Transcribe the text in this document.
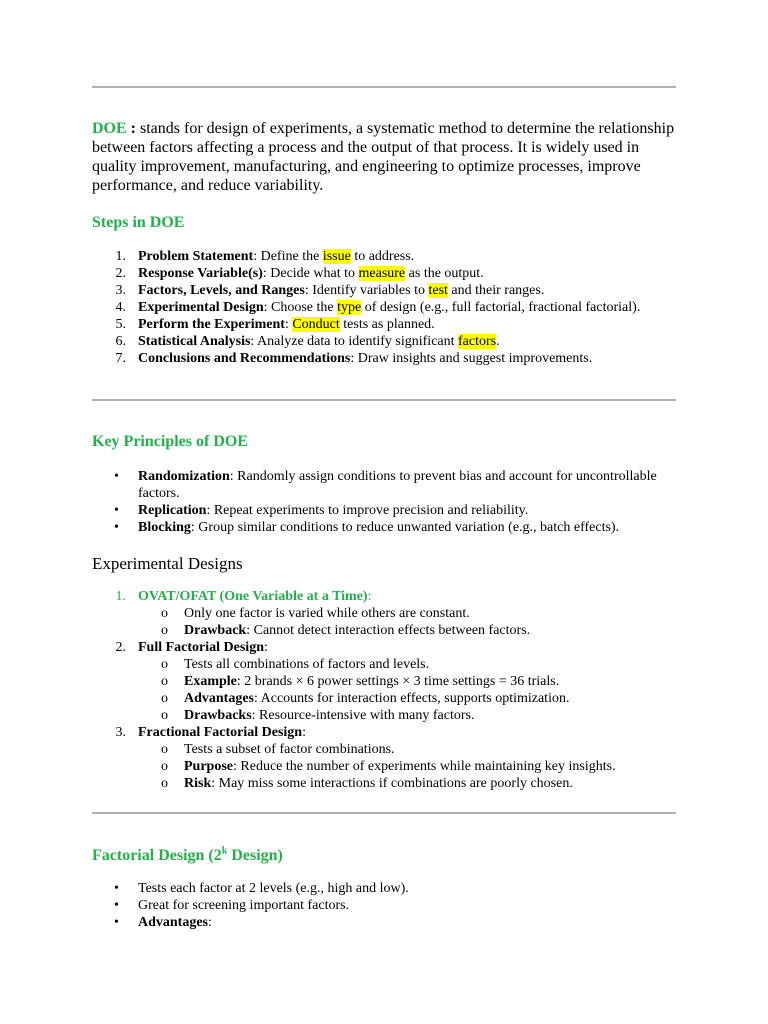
DOE : stands for design of experiments, a systematic method to determine the relationship between factors affecting a process and the output of that process. It is widely used in quality improvement, manufacturing, and engineering to optimize processes, improve performance, and reduce variability.

Steps in DOE
1. Problem Statement: Define the issue to address.
2. Response Variable(s): Decide what to measure as the output.
3. Factors, Levels, and Ranges: Identify variables to test and their ranges.
4. Experimental Design: Choose the type of design (e.g., full factorial, fractional factorial).
5. Perform the Experiment: Conduct tests as planned.
6. Statistical Analysis: Analyze data to identify significant factors.
7. Conclusions and Recommendations: Draw insights and suggest improvements.
Key Principles of DOE
• Randomization: Randomly assign conditions to prevent bias and account for uncontrollable factors.
• Replication: Repeat experiments to improve precision and reliability.
• Blocking: Group similar conditions to reduce unwanted variation (e.g., batch effects).
Experimental Designs
1. OVAT/OFAT (One Variable at a Time):
o Only one factor is varied while others are constant.
o Drawback: Cannot detect interaction effects between factors.
2. Full Factorial Design:
o Tests all combinations of factors and levels.
o Example: 2 brands × 6 power settings × 3 time settings = 36 trials.
o Advantages: Accounts for interaction effects, supports optimization.
o Drawbacks: Resource-intensive with many factors.
3. Fractional Factorial Design:
o Tests a subset of factor combinations.
o Purpose: Reduce the number of experiments while maintaining key insights.
o Risk: May miss some interactions if combinations are poorly chosen.
Factorial Design (2$^k$ Design)
• Tests each factor at 2 levels (e.g., high and low).
• Great for screening important factors.
• Advantages:
